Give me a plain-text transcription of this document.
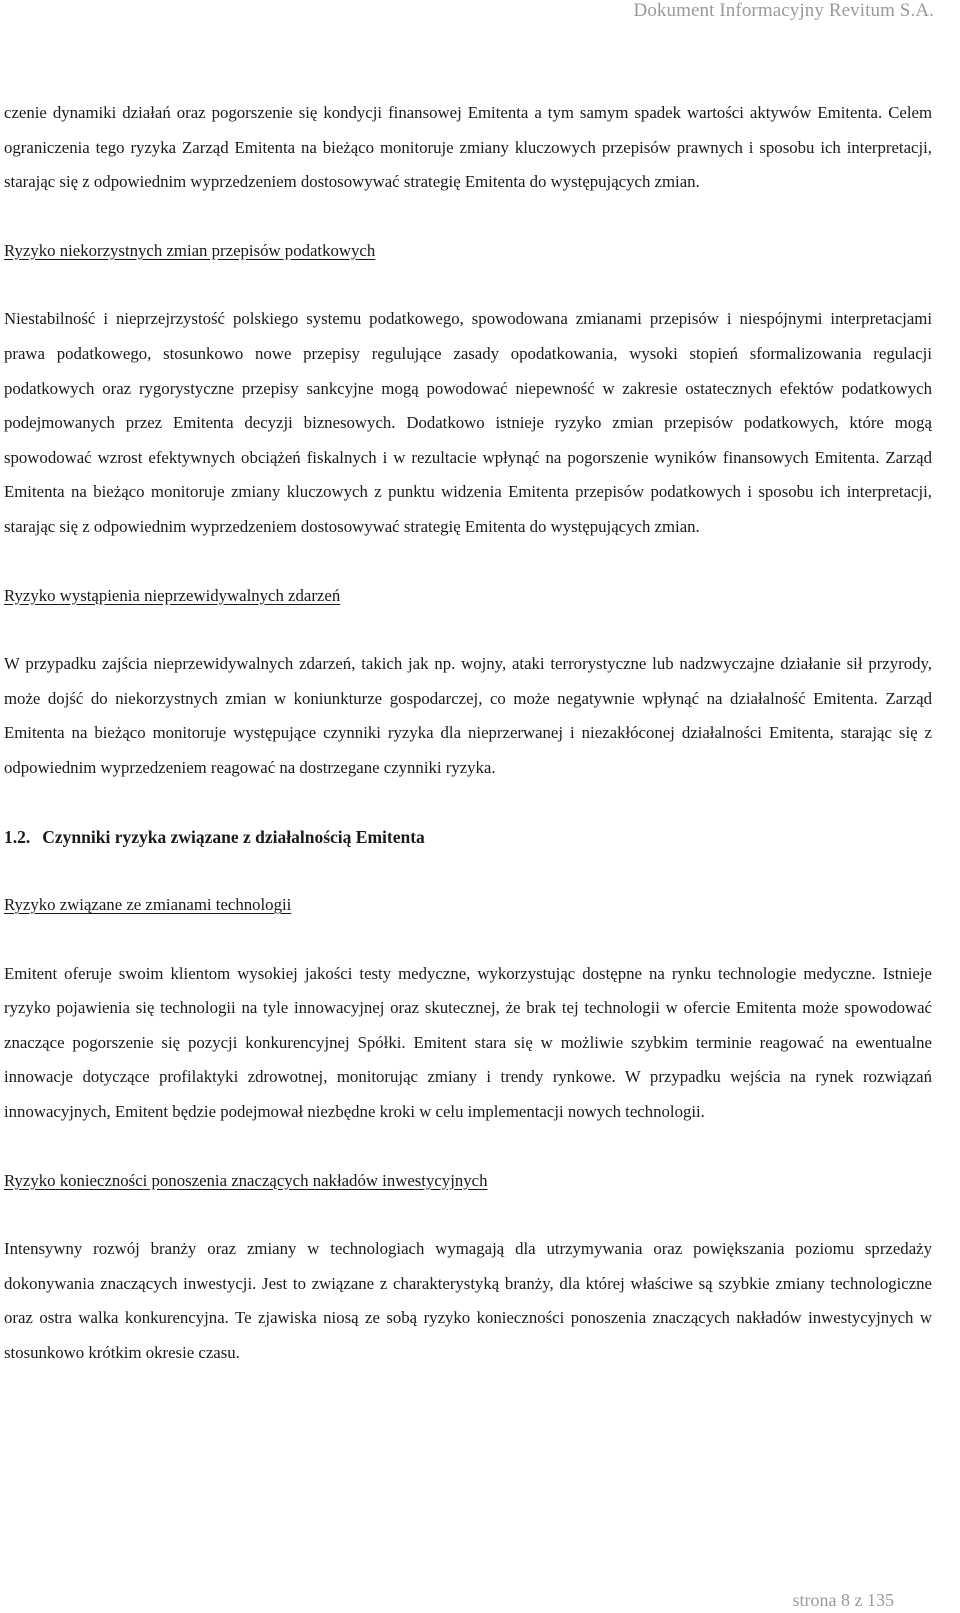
Dokument Informacyjny Revitum S.A.

czenie dynamiki działań oraz pogorszenie się kondycji finansowej Emitenta a tym samym spadek wartości aktywów Emitenta. Celem ograniczenia tego ryzyka Zarząd Emitenta na bieżąco monitoruje zmiany kluczowych przepisów prawnych i sposobu ich interpretacji, starając się z odpowiednim wyprzedzeniem dostosowywać strategię Emitenta do występujących zmian.

Ryzyko niekorzystnych zmian przepisów podatkowych

Niestabilność i nieprzejrzystość polskiego systemu podatkowego, spowodowana zmianami przepisów i niespójnymi interpretacjami prawa podatkowego, stosunkowo nowe przepisy regulujące zasady opodatkowania, wysoki stopień sformalizowania regulacji podatkowych oraz rygorystyczne przepisy sankcyjne mogą powodować niepewność w zakresie ostatecznych efektów podatkowych podejmowanych przez Emitenta decyzji biznesowych. Dodatkowo istnieje ryzyko zmian przepisów podatkowych, które mogą spowodować wzrost efektywnych obciążeń fiskalnych i w rezultacie wpłynąć na pogorszenie wyników finansowych Emitenta. Zarząd Emitenta na bieżąco monitoruje zmiany kluczowych z punktu widzenia Emitenta przepisów podatkowych i sposobu ich interpretacji, starając się z odpowiednim wyprzedzeniem dostosowywać strategię Emitenta do występujących zmian.

Ryzyko wystąpienia nieprzewidywalnych zdarzeń

W przypadku zajścia nieprzewidywalnych zdarzeń, takich jak np. wojny, ataki terrorystyczne lub nadzwyczajne działanie sił przyrody, może dojść do niekorzystnych zmian w koniunkturze gospodarczej, co może negatywnie wpłynąć na działalność Emitenta. Zarząd Emitenta na bieżąco monitoruje występujące czynniki ryzyka dla nieprzerwanej i niezakłóconej działalności Emitenta, starając się z odpowiednim wyprzedzeniem reagować na dostrzegane czynniki ryzyka.

1.2. Czynniki ryzyka związane z działalnością Emitenta
Ryzyko związane ze zmianami technologii

Emitent oferuje swoim klientom wysokiej jakości testy medyczne, wykorzystując dostępne na rynku technologie medyczne. Istnieje ryzyko pojawienia się technologii na tyle innowacyjnej oraz skutecznej, że brak tej technologii w ofercie Emitenta może spowodować znaczące pogorszenie się pozycji konkurencyjnej Spółki. Emitent stara się w możliwie szybkim terminie reagować na ewentualne innowacje dotyczące profilaktyki zdrowotnej, monitorując zmiany i trendy rynkowe. W przypadku wejścia na rynek rozwiązań innowacyjnych, Emitent będzie podejmował niezbędne kroki w celu implementacji nowych technologii.

Ryzyko konieczności ponoszenia znaczących nakładów inwestycyjnych

Intensywny rozwój branży oraz zmiany w technologiach wymagają dla utrzymywania oraz powiększania poziomu sprzedaży dokonywania znaczących inwestycji. Jest to związane z charakterystyką branży, dla której właściwe są szybkie zmiany technologiczne oraz ostra walka konkurencyjna. Te zjawiska niosą ze sobą ryzyko konieczności ponoszenia znaczących nakładów inwestycyjnych w stosunkowo krótkim okresie czasu.

strona 8 z 135
